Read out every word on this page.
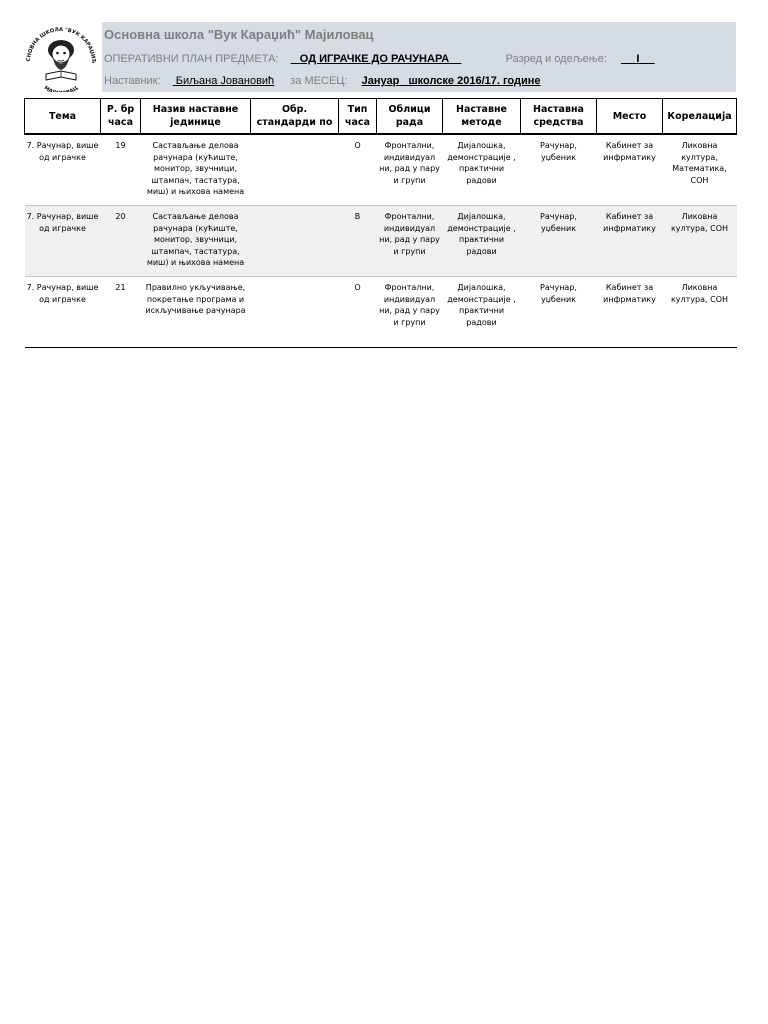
СНОВНА ШКОЛА "ВУК КАРАЏИЋ
МА АЦ
Основна школа "Вук Караџић" Мајиловац
ОПЕРАТИВНИ ПЛАН ПРЕДМЕТА: ОД ИГРАЧКЕ ДО РАЧУНАРА	Разред и одељење:	I
Наставник: Биљана Јовановић за МЕСЕЦ: Јануар   школске 2016/17. године
Тема	Р. бр часа	Назив наставне јединице	Обр. стандарди по	Тип часа	Облици рада	Наставне методе	Наставна средства	Место	Корелација
7. Рачунар, више од играчке	19	Састављање делова рачунара (кућиште, монитор, звучници, штампач, тастатура, миш) и њихова намена		О	Фронтални, индивидуал ни, рад у пару и групи	Дијалошка, демонстрације , практични радови	Рачунар, уџбеник	Кабинет за инфрматику	Ликовна култура, Математика, СОН
7. Рачунар, више од играчке	20	Састављање делова рачунара (кућиште, монитор, звучници, штампач, тастатура, миш) и њихова намена		В	Фронтални, индивидуал ни, рад у пару и групи	Дијалошка, демонстрације , практични радови	Рачунар, уџбеник	Кабинет за инфрматику	Ликовна култура, СОН
7. Рачунар, више од играчке	21	Правилно укључивање, покретање програма и искључивање рачунара		О	Фронтални, индивидуал ни, рад у пару и групи	Дијалошка, демонстрације , практични радови	Рачунар, уџбеник	Кабинет за инфрматику	Ликовна култура, СОН
